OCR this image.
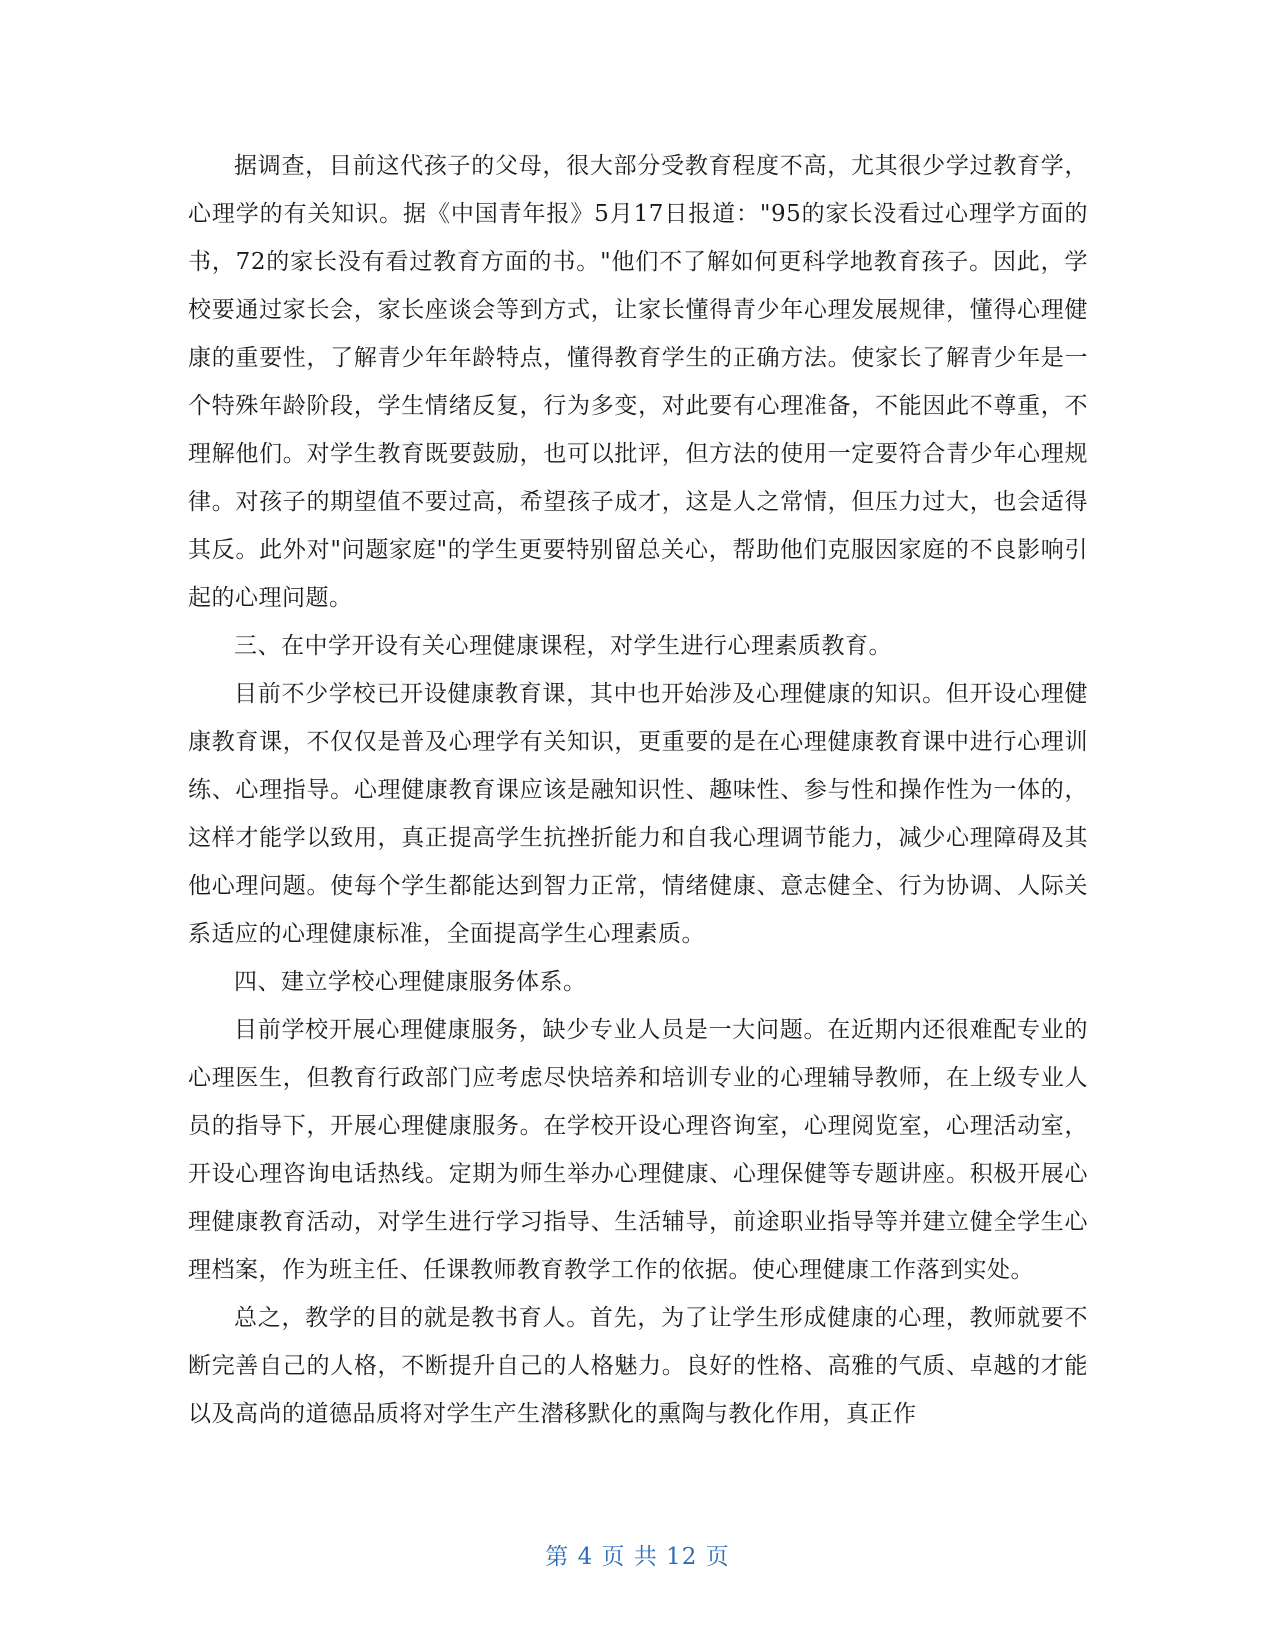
据调查，目前这代孩子的父母，很大部分受教育程度不高，尤其很少学过教育学，心理学的有关知识。据《中国青年报》5月17日报道："95的家长没看过心理学方面的书，72的家长没有看过教育方面的书。"他们不了解如何更科学地教育孩子。因此，学校要通过家长会，家长座谈会等到方式，让家长懂得青少年心理发展规律，懂得心理健康的重要性，了解青少年年龄特点，懂得教育学生的正确方法。使家长了解青少年是一个特殊年龄阶段，学生情绪反复，行为多变，对此要有心理准备，不能因此不尊重，不理解他们。对学生教育既要鼓励，也可以批评，但方法的使用一定要符合青少年心理规律。对孩子的期望值不要过高，希望孩子成才，这是人之常情，但压力过大，也会适得其反。此外对"问题家庭"的学生更要特别留总关心，帮助他们克服因家庭的不良影响引起的心理问题。

三、在中学开设有关心理健康课程，对学生进行心理素质教育。

目前不少学校已开设健康教育课，其中也开始涉及心理健康的知识。但开设心理健康教育课，不仅仅是普及心理学有关知识，更重要的是在心理健康教育课中进行心理训练、心理指导。心理健康教育课应该是融知识性、趣味性、参与性和操作性为一体的，这样才能学以致用，真正提高学生抗挫折能力和自我心理调节能力，减少心理障碍及其他心理问题。使每个学生都能达到智力正常，情绪健康、意志健全、行为协调、人际关系适应的心理健康标准，全面提高学生心理素质。

四、建立学校心理健康服务体系。

目前学校开展心理健康服务，缺少专业人员是一大问题。在近期内还很难配专业的心理医生，但教育行政部门应考虑尽快培养和培训专业的心理辅导教师，在上级专业人员的指导下，开展心理健康服务。在学校开设心理咨询室，心理阅览室，心理活动室，开设心理咨询电话热线。定期为师生举办心理健康、心理保健等专题讲座。积极开展心理健康教育活动，对学生进行学习指导、生活辅导，前途职业指导等并建立健全学生心理档案，作为班主任、任课教师教育教学工作的依据。使心理健康工作落到实处。

总之，教学的目的就是教书育人。首先，为了让学生形成健康的心理，教师就要不断完善自己的人格，不断提升自己的人格魅力。良好的性格、高雅的气质、卓越的才能以及高尚的道德品质将对学生产生潜移默化的熏陶与教化作用，真正作

第 4 页 共 12 页
